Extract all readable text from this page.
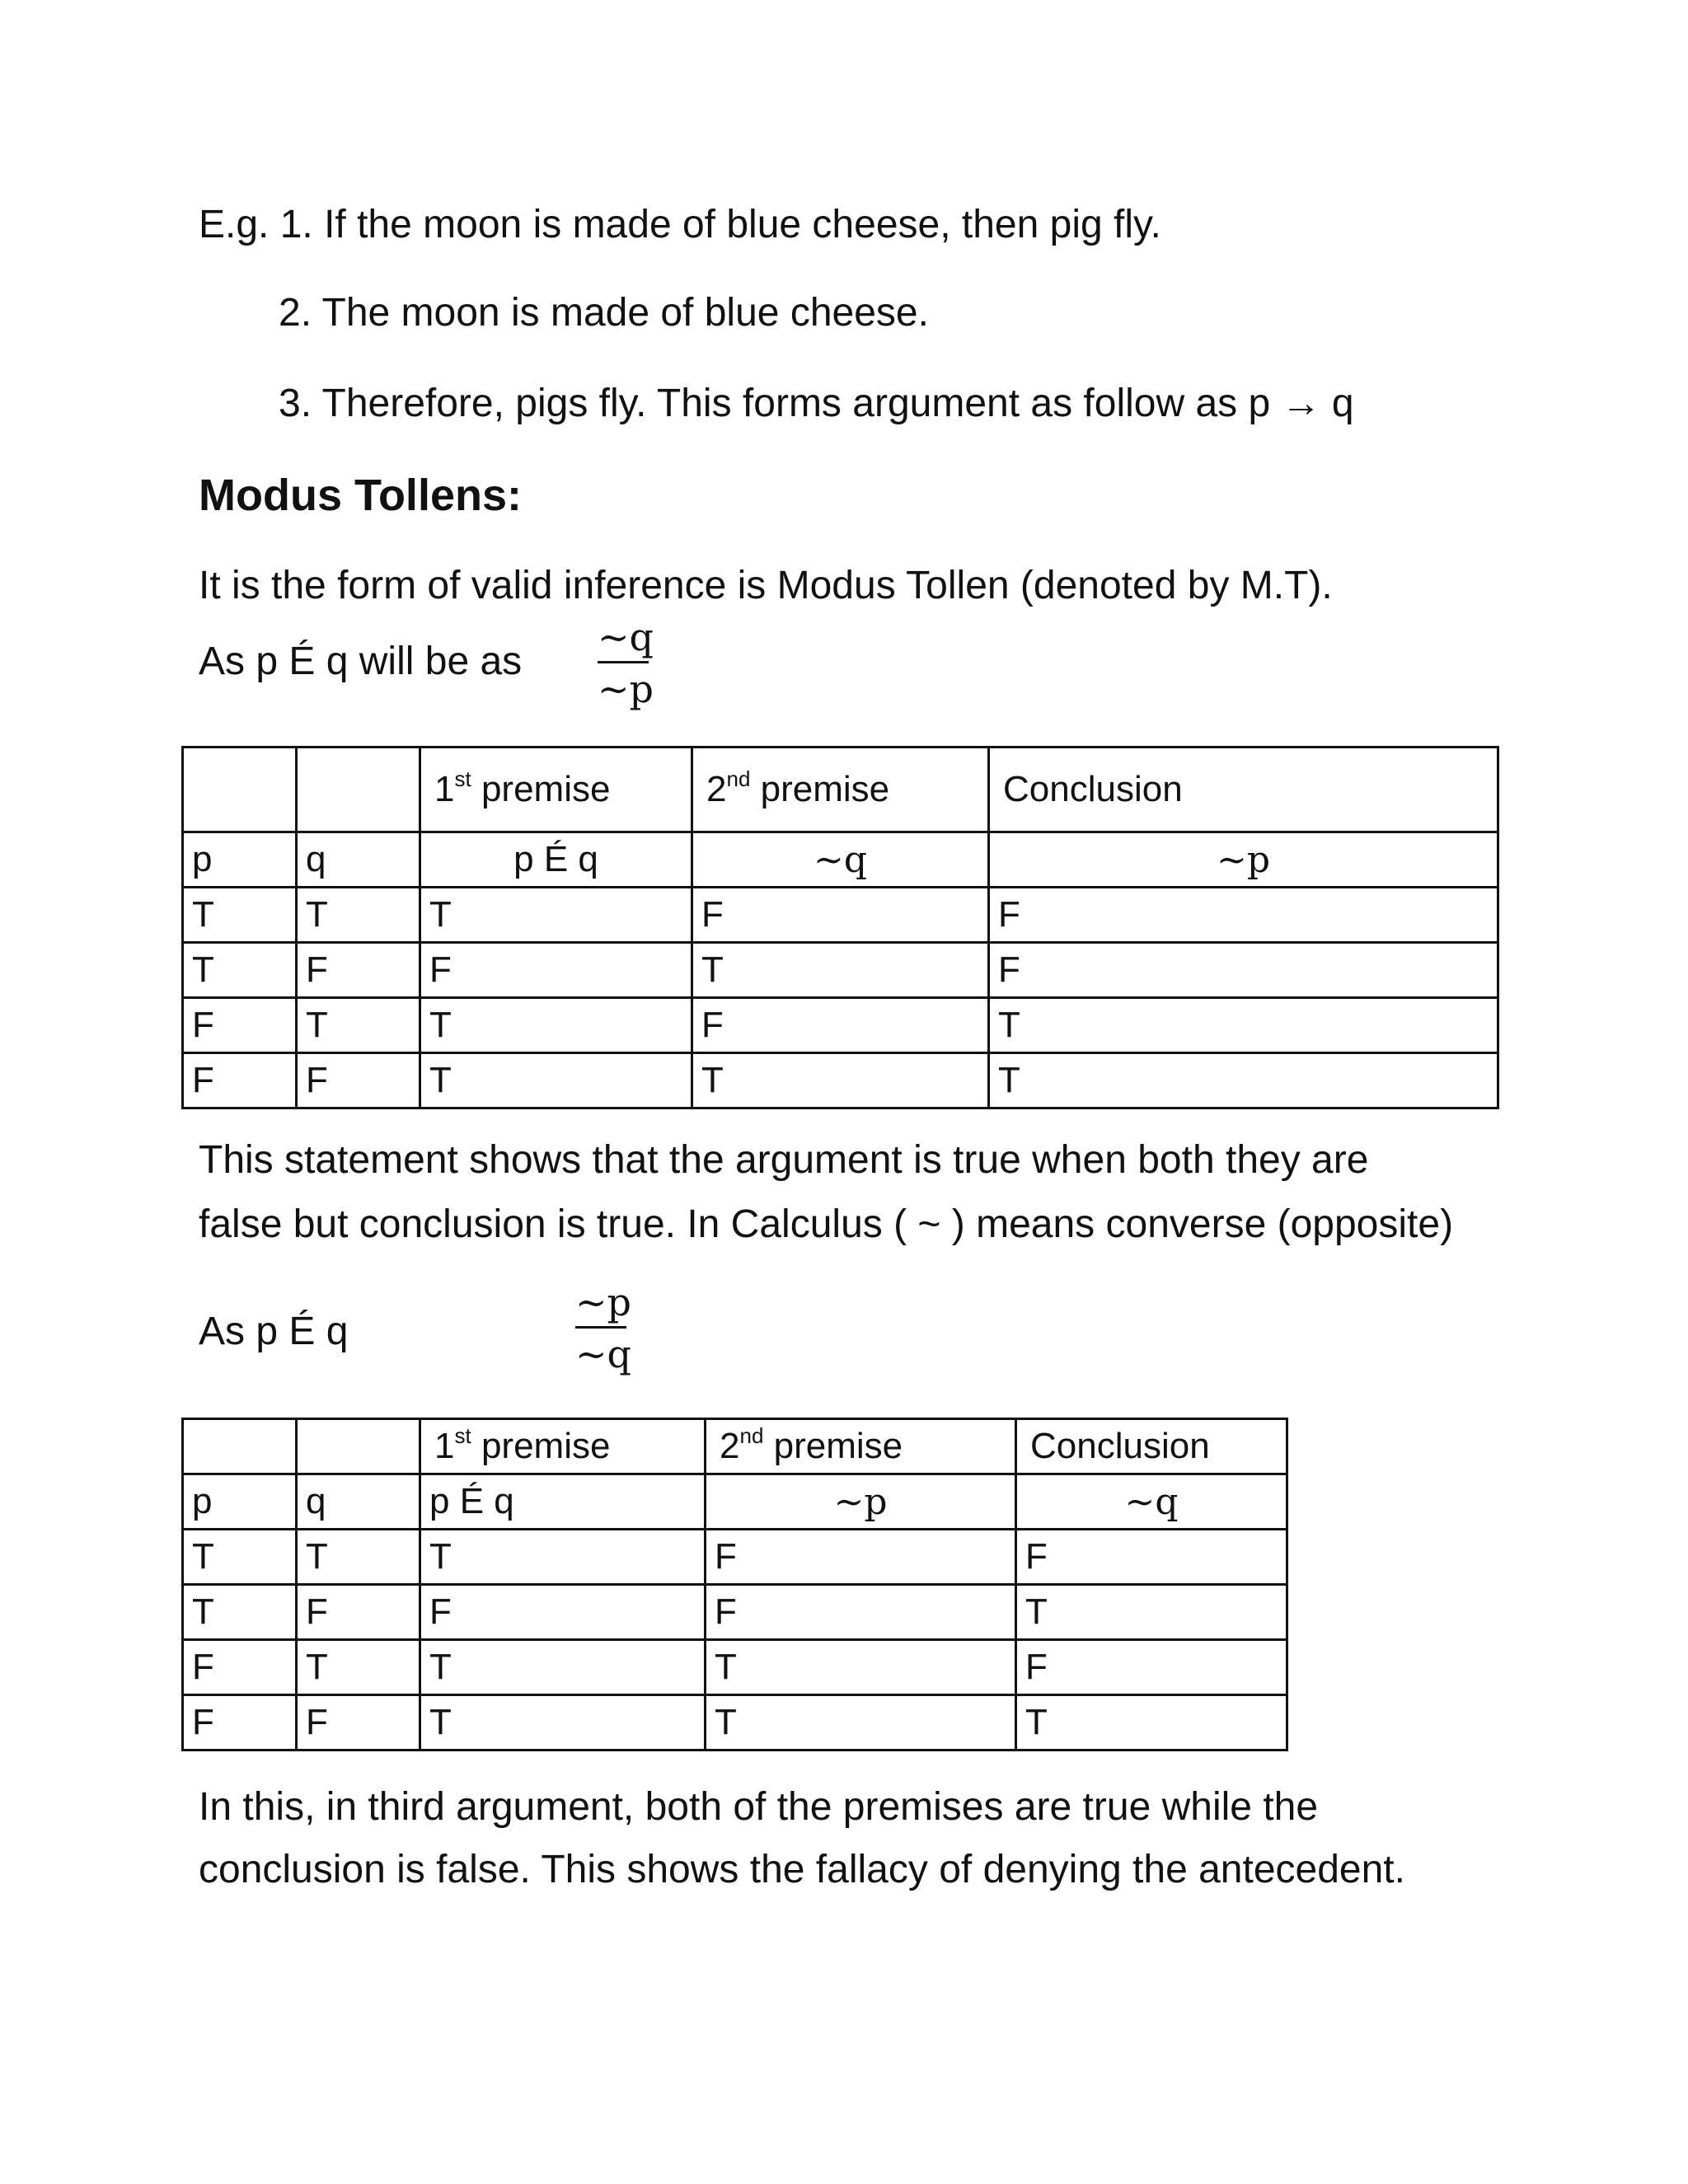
E.g. 1. If the moon is made of blue cheese, then pig fly.
2. The moon is made of blue cheese.
3. Therefore, pigs fly. This forms argument as follow as p → q
Modus Tollens:
It is the form of valid inference is Modus Tollen (denoted by M.T).
As p É q will be as
~q
~p
		1st premise	2nd premise	Conclusion
p	q	p É q	~q	~p
T	T	T	F	F
T	F	F	T	F
F	T	T	F	T
F	F	T	T	T
This statement shows that the argument is true when both they are
false but conclusion is true. In Calculus ( ~ ) means converse (opposite)
As p É q
~p
~q
		1st premise	2nd premise	Conclusion
p	q	p É q	~p	~q
T	T	T	F	F
T	F	F	F	T
F	T	T	T	F
F	F	T	T	T
In this, in third argument, both of the premises are true while the
conclusion is false. This shows the fallacy of denying the antecedent.
